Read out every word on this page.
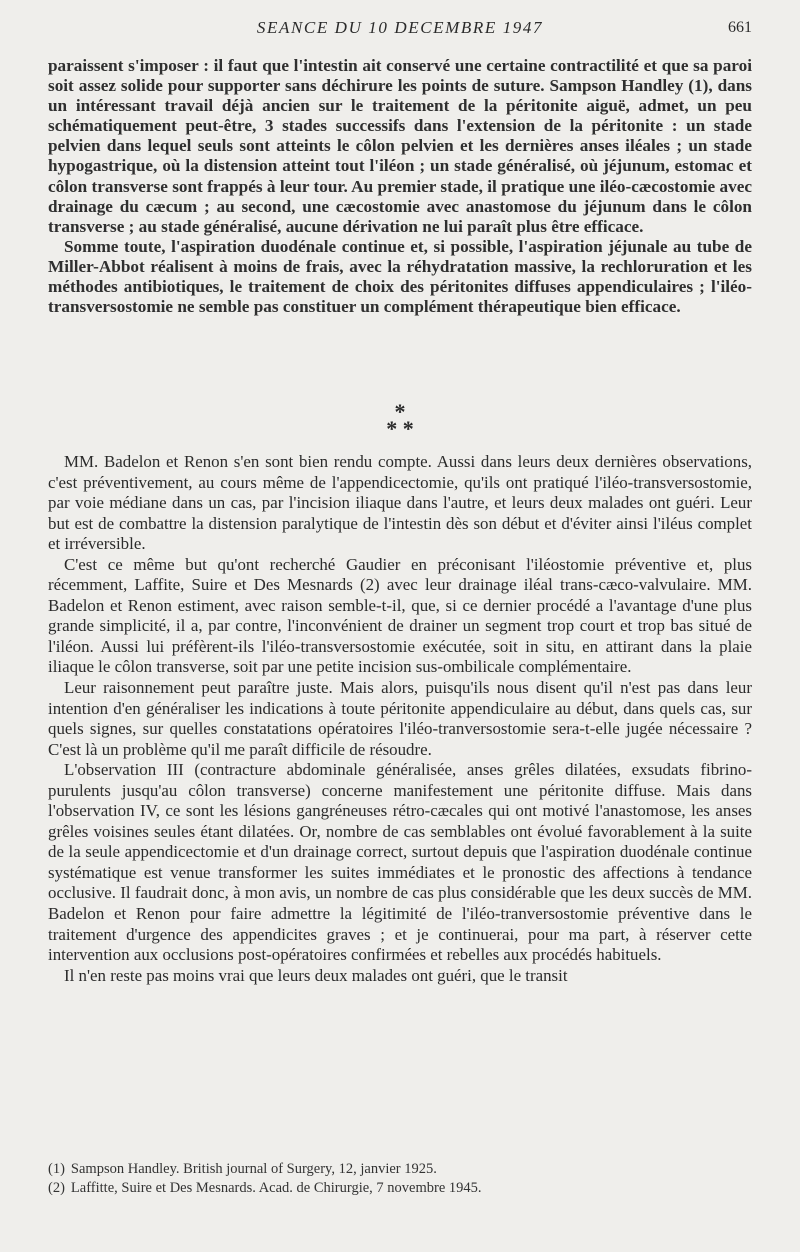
SEANCE DU 10 DECEMBRE 1947	661

paraissent s'imposer : il faut que l'intestin ait conservé une certaine contractilité et que sa paroi soit assez solide pour supporter sans déchirure les points de suture. Sampson Handley (1), dans un intéressant travail déjà ancien sur le traitement de la péritonite aiguë, admet, un peu schématiquement peut-être, 3 stades successifs dans l'extension de la péritonite : un stade pelvien dans lequel seuls sont atteints le côlon pelvien et les dernières anses iléales ; un stade hypogastrique, où la distension atteint tout l'iléon ; un stade généralisé, où jéjunum, estomac et côlon transverse sont frappés à leur tour. Au premier stade, il pratique une iléo-cæcostomie avec drainage du cæcum ; au second, une cæcostomie avec anastomose du jéjunum dans le côlon transverse ; au stade généralisé, aucune dérivation ne lui paraît plus être efficace.

Somme toute, l'aspiration duodénale continue et, si possible, l'aspiration jéjunale au tube de Miller-Abbot réalisent à moins de frais, avec la réhydratation massive, la rechloruration et les méthodes antibiotiques, le traitement de choix des péritonites diffuses appendiculaires ; l'iléo-transversostomie ne semble pas constituer un complément thérapeutique bien efficace.

*
* *

MM. Badelon et Renon s'en sont bien rendu compte. Aussi dans leurs deux dernières observations, c'est préventivement, au cours même de l'appendicectomie, qu'ils ont pratiqué l'iléo-transversostomie, par voie médiane dans un cas, par l'incision iliaque dans l'autre, et leurs deux malades ont guéri. Leur but est de combattre la distension paralytique de l'intestin dès son début et d'éviter ainsi l'iléus complet et irréversible.

C'est ce même but qu'ont recherché Gaudier en préconisant l'iléostomie préventive et, plus récemment, Laffite, Suire et Des Mesnards (2) avec leur drainage iléal trans-cæco-valvulaire. MM. Badelon et Renon estiment, avec raison semble-t-il, que, si ce dernier procédé a l'avantage d'une plus grande simplicité, il a, par contre, l'inconvénient de drainer un segment trop court et trop bas situé de l'iléon. Aussi lui préfèrent-ils l'iléo-transversostomie exécutée, soit in situ, en attirant dans la plaie iliaque le côlon transverse, soit par une petite incision sus-ombilicale complémentaire.

Leur raisonnement peut paraître juste. Mais alors, puisqu'ils nous disent qu'il n'est pas dans leur intention d'en généraliser les indications à toute péritonite appendiculaire au début, dans quels cas, sur quels signes, sur quelles constatations opératoires l'iléo-tranversostomie sera-t-elle jugée nécessaire ? C'est là un problème qu'il me paraît difficile de résoudre.

L'observation III (contracture abdominale généralisée, anses grêles dilatées, exsudats fibrino-purulents jusqu'au côlon transverse) concerne manifestement une péritonite diffuse. Mais dans l'observation IV, ce sont les lésions gangréneuses rétro-cæcales qui ont motivé l'anastomose, les anses grêles voisines seules étant dilatées. Or, nombre de cas semblables ont évolué favorablement à la suite de la seule appendicectomie et d'un drainage correct, surtout depuis que l'aspiration duodénale continue systématique est venue transformer les suites immédiates et le pronostic des affections à tendance occlusive. Il faudrait donc, à mon avis, un nombre de cas plus considérable que les deux succès de MM. Badelon et Renon pour faire admettre la légitimité de l'iléo-tranversostomie préventive dans le traitement d'urgence des appendicites graves ; et je continuerai, pour ma part, à réserver cette intervention aux occlusions post-opératoires confirmées et rebelles aux procédés habituels.

Il n'en reste pas moins vrai que leurs deux malades ont guéri, que le transit

(1) Sampson Handley. British journal of Surgery, 12, janvier 1925.

(2) Laffitte, Suire et Des Mesnards. Acad. de Chirurgie, 7 novembre 1945.
